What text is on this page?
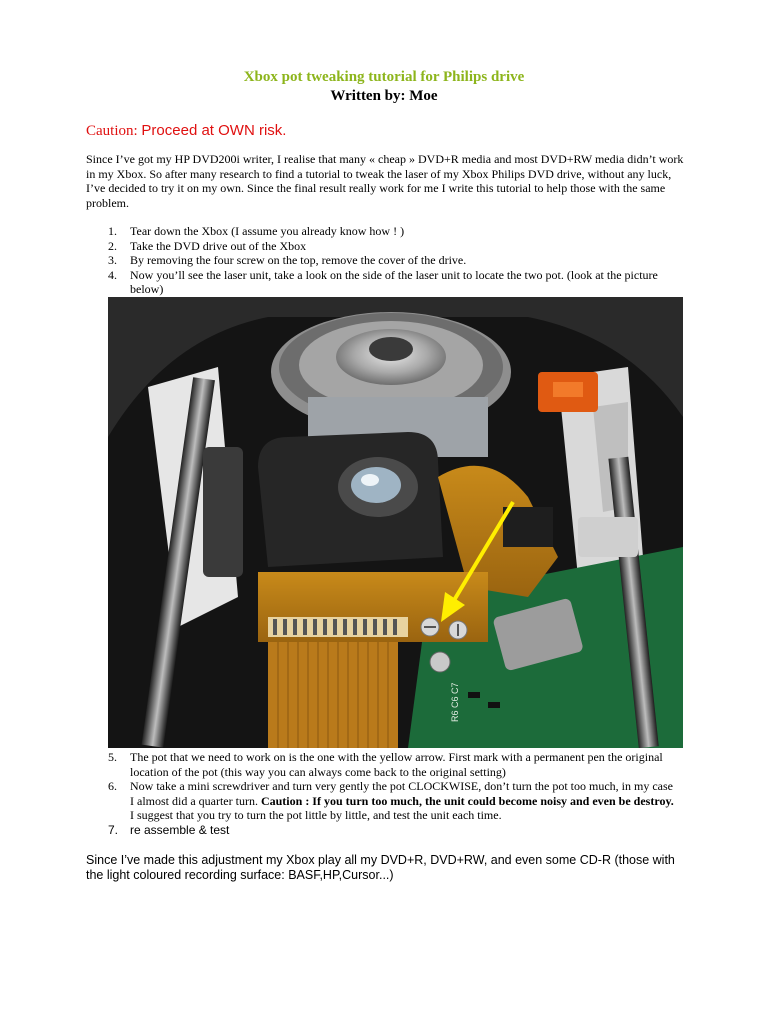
Xbox pot tweaking tutorial for Philips drive
Written by: Moe
Caution: Proceed at OWN risk.

Since I’ve got my HP DVD200i writer, I realise that many « cheap » DVD+R media and most DVD+RW media didn’t work in my Xbox. So after many research to find a tutorial to tweak the laser of my Xbox Philips DVD drive, without any luck, I’ve decided to try it on my own. Since the final result really work for me I write this tutorial to help those with the same problem.

1. Tear down the Xbox (I assume you already know how ! )
2. Take the DVD drive out of the Xbox
3. By removing the four screw on the top, remove the cover of the drive.
4. Now you’ll see the laser unit, take a look on the side of the laser unit to locate the two pot. (look at the picture below)
R6 C6 C7
5. The pot that we need to work on is the one with the yellow arrow. First mark with a permanent pen the original location of the pot (this way you can always come back to the original setting)
6. Now take a mini screwdriver and turn very gently the pot CLOCKWISE, don’t turn the pot too much, in my case I almost did a quarter turn. Caution : If you turn too much, the unit could become noisy and even be destroy. I suggest that you try to turn the pot little by little, and test the unit each time.
7. re assemble & test

Since I’ve made this adjustment my Xbox play all my DVD+R, DVD+RW, and even some CD-R (those with the light coloured recording surface: BASF,HP,Cursor...)
